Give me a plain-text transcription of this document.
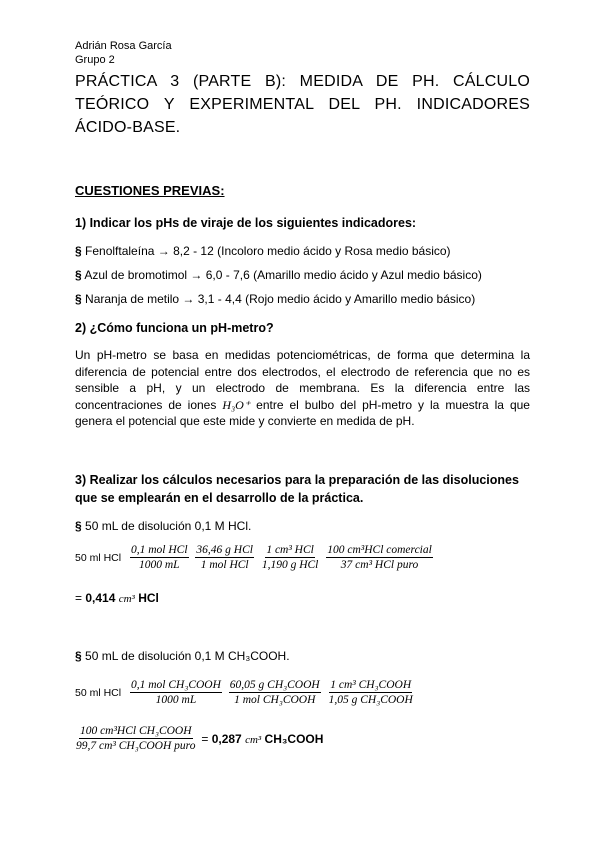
Adrián Rosa García
Grupo 2
PRÁCTICA 3 (PARTE B): MEDIDA DE PH. CÁLCULO TEÓRICO Y EXPERIMENTAL DEL PH. INDICADORES ÁCIDO-BASE.
CUESTIONES PREVIAS:
1) Indicar los pHs de viraje de los siguientes indicadores:
§ Fenolftaleína → 8,2 - 12 (Incoloro medio ácido y Rosa medio básico)
§ Azul de bromotimol → 6,0 - 7,6 (Amarillo medio ácido y Azul medio básico)
§ Naranja de metilo → 3,1 - 4,4 (Rojo medio ácido y Amarillo medio básico)
2) ¿Cómo funciona un pH-metro?
Un pH-metro se basa en medidas potenciométricas, de forma que determina la diferencia de potencial entre dos electrodos, el electrodo de referencia que no es sensible a pH, y un electrodo de membrana. Es la diferencia entre las concentraciones de iones H₃O⁺ entre el bulbo del pH-metro y la muestra la que genera el potencial que este mide y convierte en medida de pH.
3) Realizar los cálculos necesarios para la preparación de las disoluciones que se emplearán en el desarrollo de la práctica.
§ 50 mL de disolución 0,1 M HCl.
50 ml HCl $\frac{\text{0,1 mol HCl}}{1000 mL}$
$\frac{\text{36,46 g HCl}}{\text{1 mol HCl}}$
$\frac{\text{1 cm³ HCl}}{\text{1,190 g HCl}}$
$\frac{\text{100 cm³HCl comercial}}{\text{37 cm³ HCl puro}}$
= 0,414 cm³ HCl
§ 50 mL de disolución 0,1 M CH₃COOH.
50 ml HCl $\frac{\text{0,1 mol CH₃COOH}}{1000 mL}$
$\frac{\text{60,05 g CH₃COOH}}{\text{1 mol CH₃COOH}}$
$\frac{\text{1 cm³ CH₃COOH}}{\text{1,05 g CH₃COOH}}$
$\frac{\text{100 cm³HCl CH₃COOH}}{\text{99,7 cm³ CH₃COOH puro}} = 0,287$ cm³ CH₃COOH
